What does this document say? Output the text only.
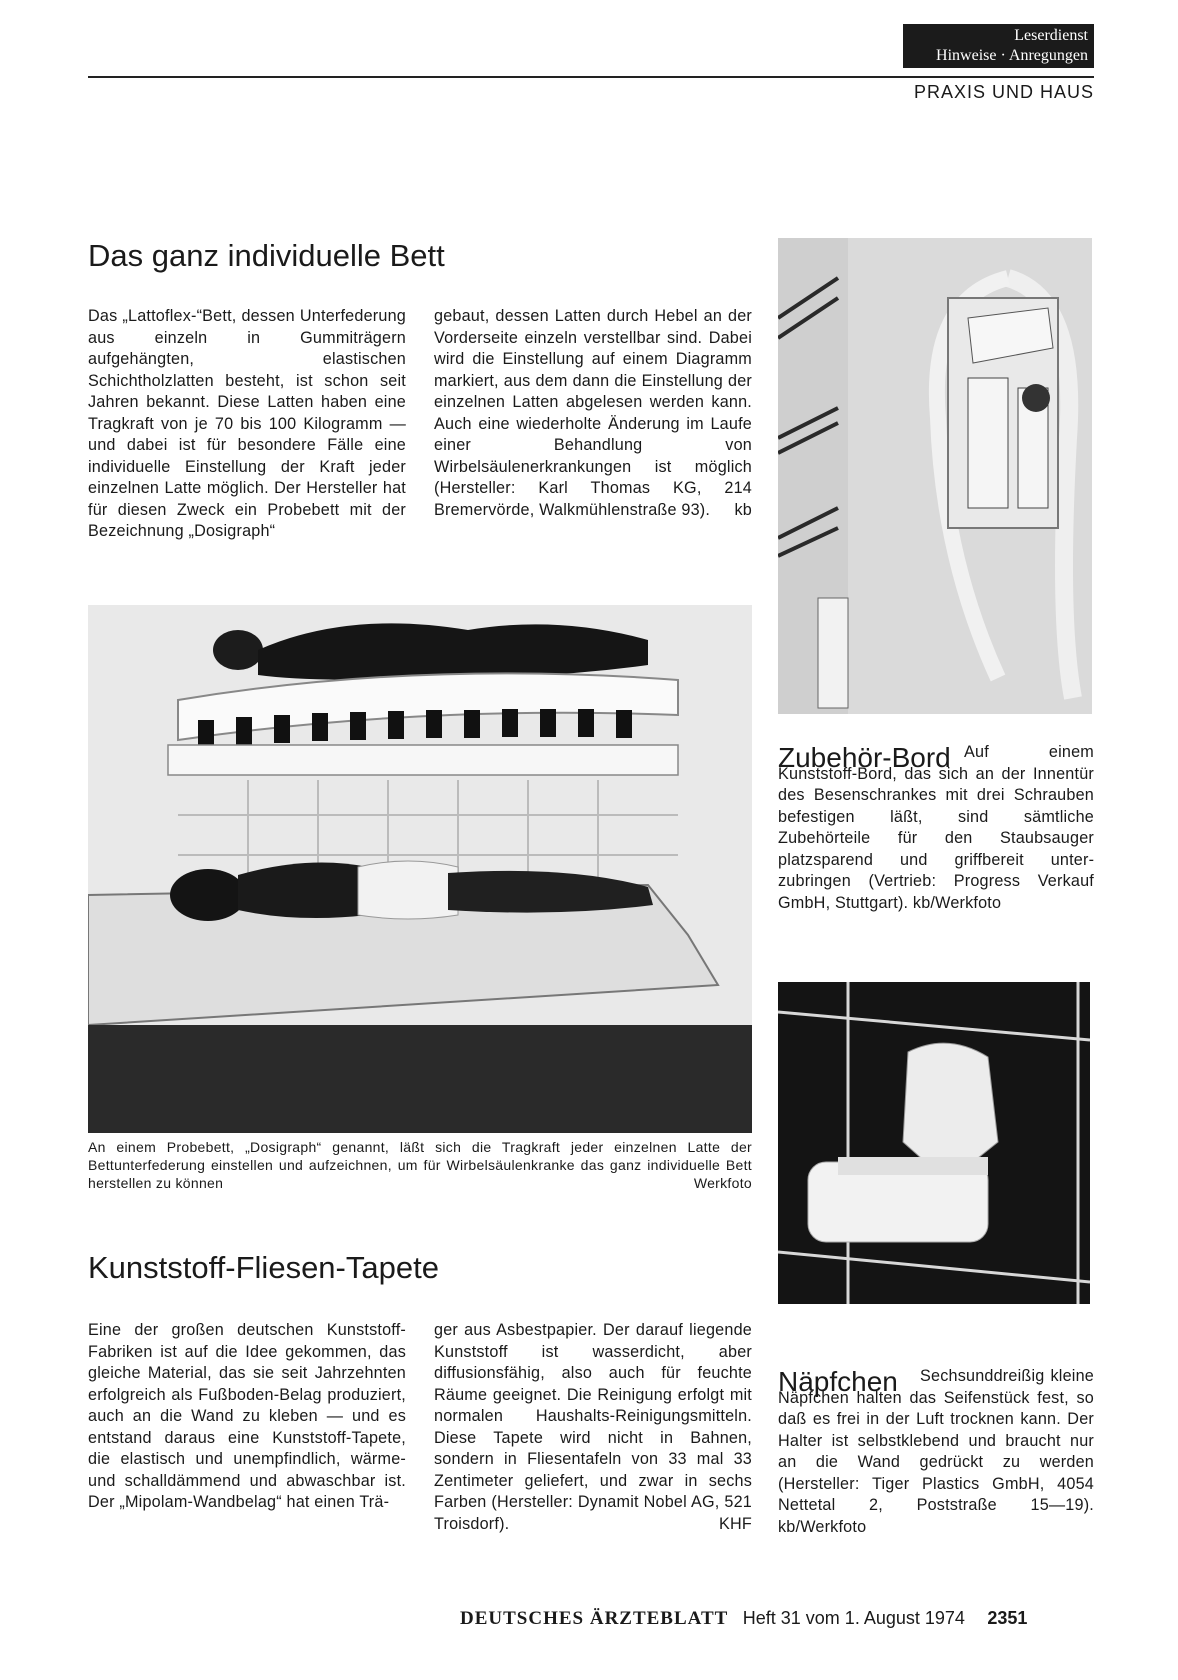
Leserdienst
Hinweise · Anregungen
PRAXIS UND HAUS
Das ganz individuelle Bett
Das „Lattoflex-“Bett, dessen Unterfederung aus einzeln in Gummiträgern aufgehängten, elastischen Schichtholzlatten besteht, ist schon seit Jahren bekannt. Diese Latten haben eine Tragkraft von je 70 bis 100 Kilogramm — und dabei ist für besondere Fälle eine individuelle Einstellung der Kraft jeder einzelnen Latte möglich. Der Hersteller hat für diesen Zweck ein Probebett mit der Bezeichnung „Dosigraph“
gebaut, dessen Latten durch Hebel an der Vorderseite einzeln verstellbar sind. Dabei wird die Einstellung auf einem Diagramm markiert, aus dem dann die Einstellung der einzelnen Latten abgelesen werden kann. Auch eine wiederholte Änderung im Laufe einer Behandlung von Wirbelsäulenerkrankungen ist möglich (Hersteller: Karl Thomas KG, 214 Bremervörde, Walkmühlenstraße 93). kb
An einem Probebett, „Dosigraph“ genannt, läßt sich die Tragkraft jeder einzelnen Latte der Bettunterfederung einstellen und aufzeichnen, um für Wirbelsäulenkranke das ganz individuelle Bett herstellen zu können	Werkfoto
Zubehör-Bord Auf einem Kunststoff-Bord, das sich an der Innentür des Besenschrankes mit drei Schrauben befestigen läßt, sind sämtliche Zubehörteile für den Staubsauger platzsparend und griffbereit unterzubringen (Vertrieb: Progress Verkauf GmbH, Stuttgart). kb/Werkfoto
Näpfchen	Sechsunddreißig kleine Näpfchen halten das Seifenstück fest, so daß es frei in der Luft trocknen kann. Der Halter ist selbstklebend und braucht nur an die Wand gedrückt zu werden (Hersteller: Tiger Plastics GmbH, 4054 Nettetal 2, Poststraße 15—19). kb/Werkfoto
Kunststoff-Fliesen-Tapete
Eine der großen deutschen Kunststoff-Fabriken ist auf die Idee gekommen, das gleiche Material, das sie seit Jahrzehnten erfolgreich als Fußboden-Belag produziert, auch an die Wand zu kleben — und es entstand daraus eine Kunststoff-Tapete, die elastisch und unempfindlich, wärme- und schalldämmend und abwaschbar ist. Der „Mipolam-Wandbelag“ hat einen Trä-
ger aus Asbestpapier. Der darauf liegende Kunststoff ist wasserdicht, aber diffusionsfähig, also auch für feuchte Räume geeignet. Die Reinigung erfolgt mit normalen Haushalts-Reinigungsmitteln. Diese Tapete wird nicht in Bahnen, sondern in Fliesentafeln von 33 mal 33 Zentimeter geliefert, und zwar in sechs Farben (Hersteller: Dynamit Nobel AG, 521 Troisdorf).	KHF
DEUTSCHES ÄRZTEBLATT Heft 31 vom 1. August 1974 2351
